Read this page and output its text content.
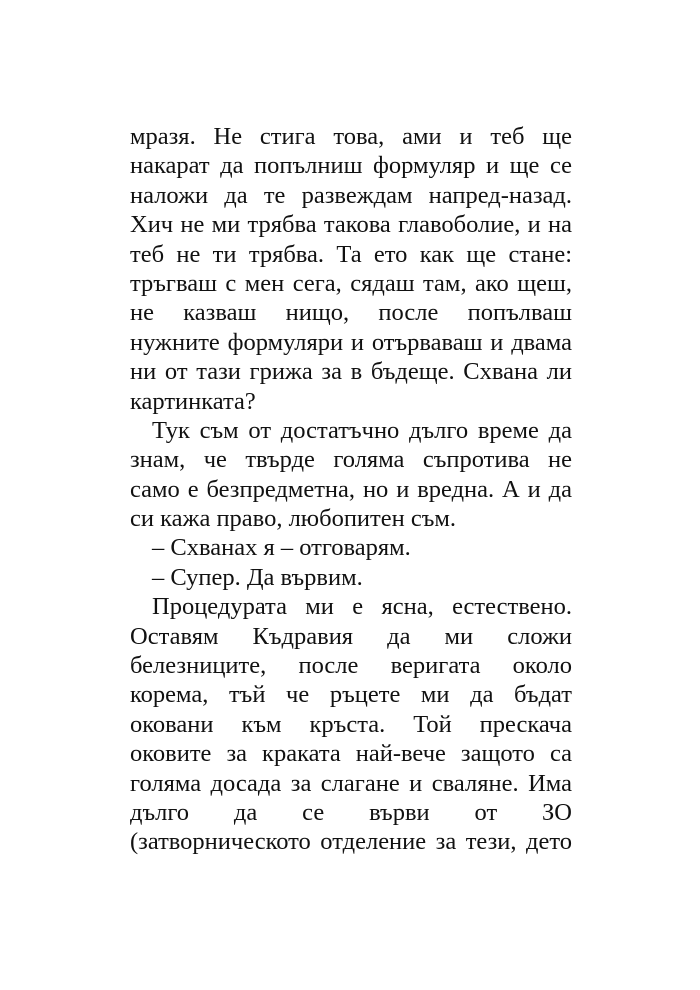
мразя. Не стига това, ами и теб ще
накарат да попълниш формуляр и ще се
наложи да те развеждам напред-назад.
Хич не ми трябва такова главоболие, и на
теб не ти трябва. Та ето как ще стане:
тръгваш с мен сега, сядаш там, ако щеш,
не казваш нищо, после попълваш
нужните формуляри и отърваваш и двама
ни от тази грижа за в бъдеще. Схвана ли
картинката?
Тук съм от достатъчно дълго време да
знам, че твърде голяма съпротива не
само е безпредметна, но и вредна. А и да
си кажа право, любопитен съм.
– Схванах я – отговарям.
– Супер. Да вървим.
Процедурата ми е ясна, естествено.
Оставям Къдравия да ми сложи
белезниците, после веригата около
корема, тъй че ръцете ми да бъдат
оковани към кръста. Той прескача
оковите за краката най-вече защото са
голяма досада за слагане и сваляне. Има
дълго да се върви от ЗО
(затворническото отделение за тези, дето
